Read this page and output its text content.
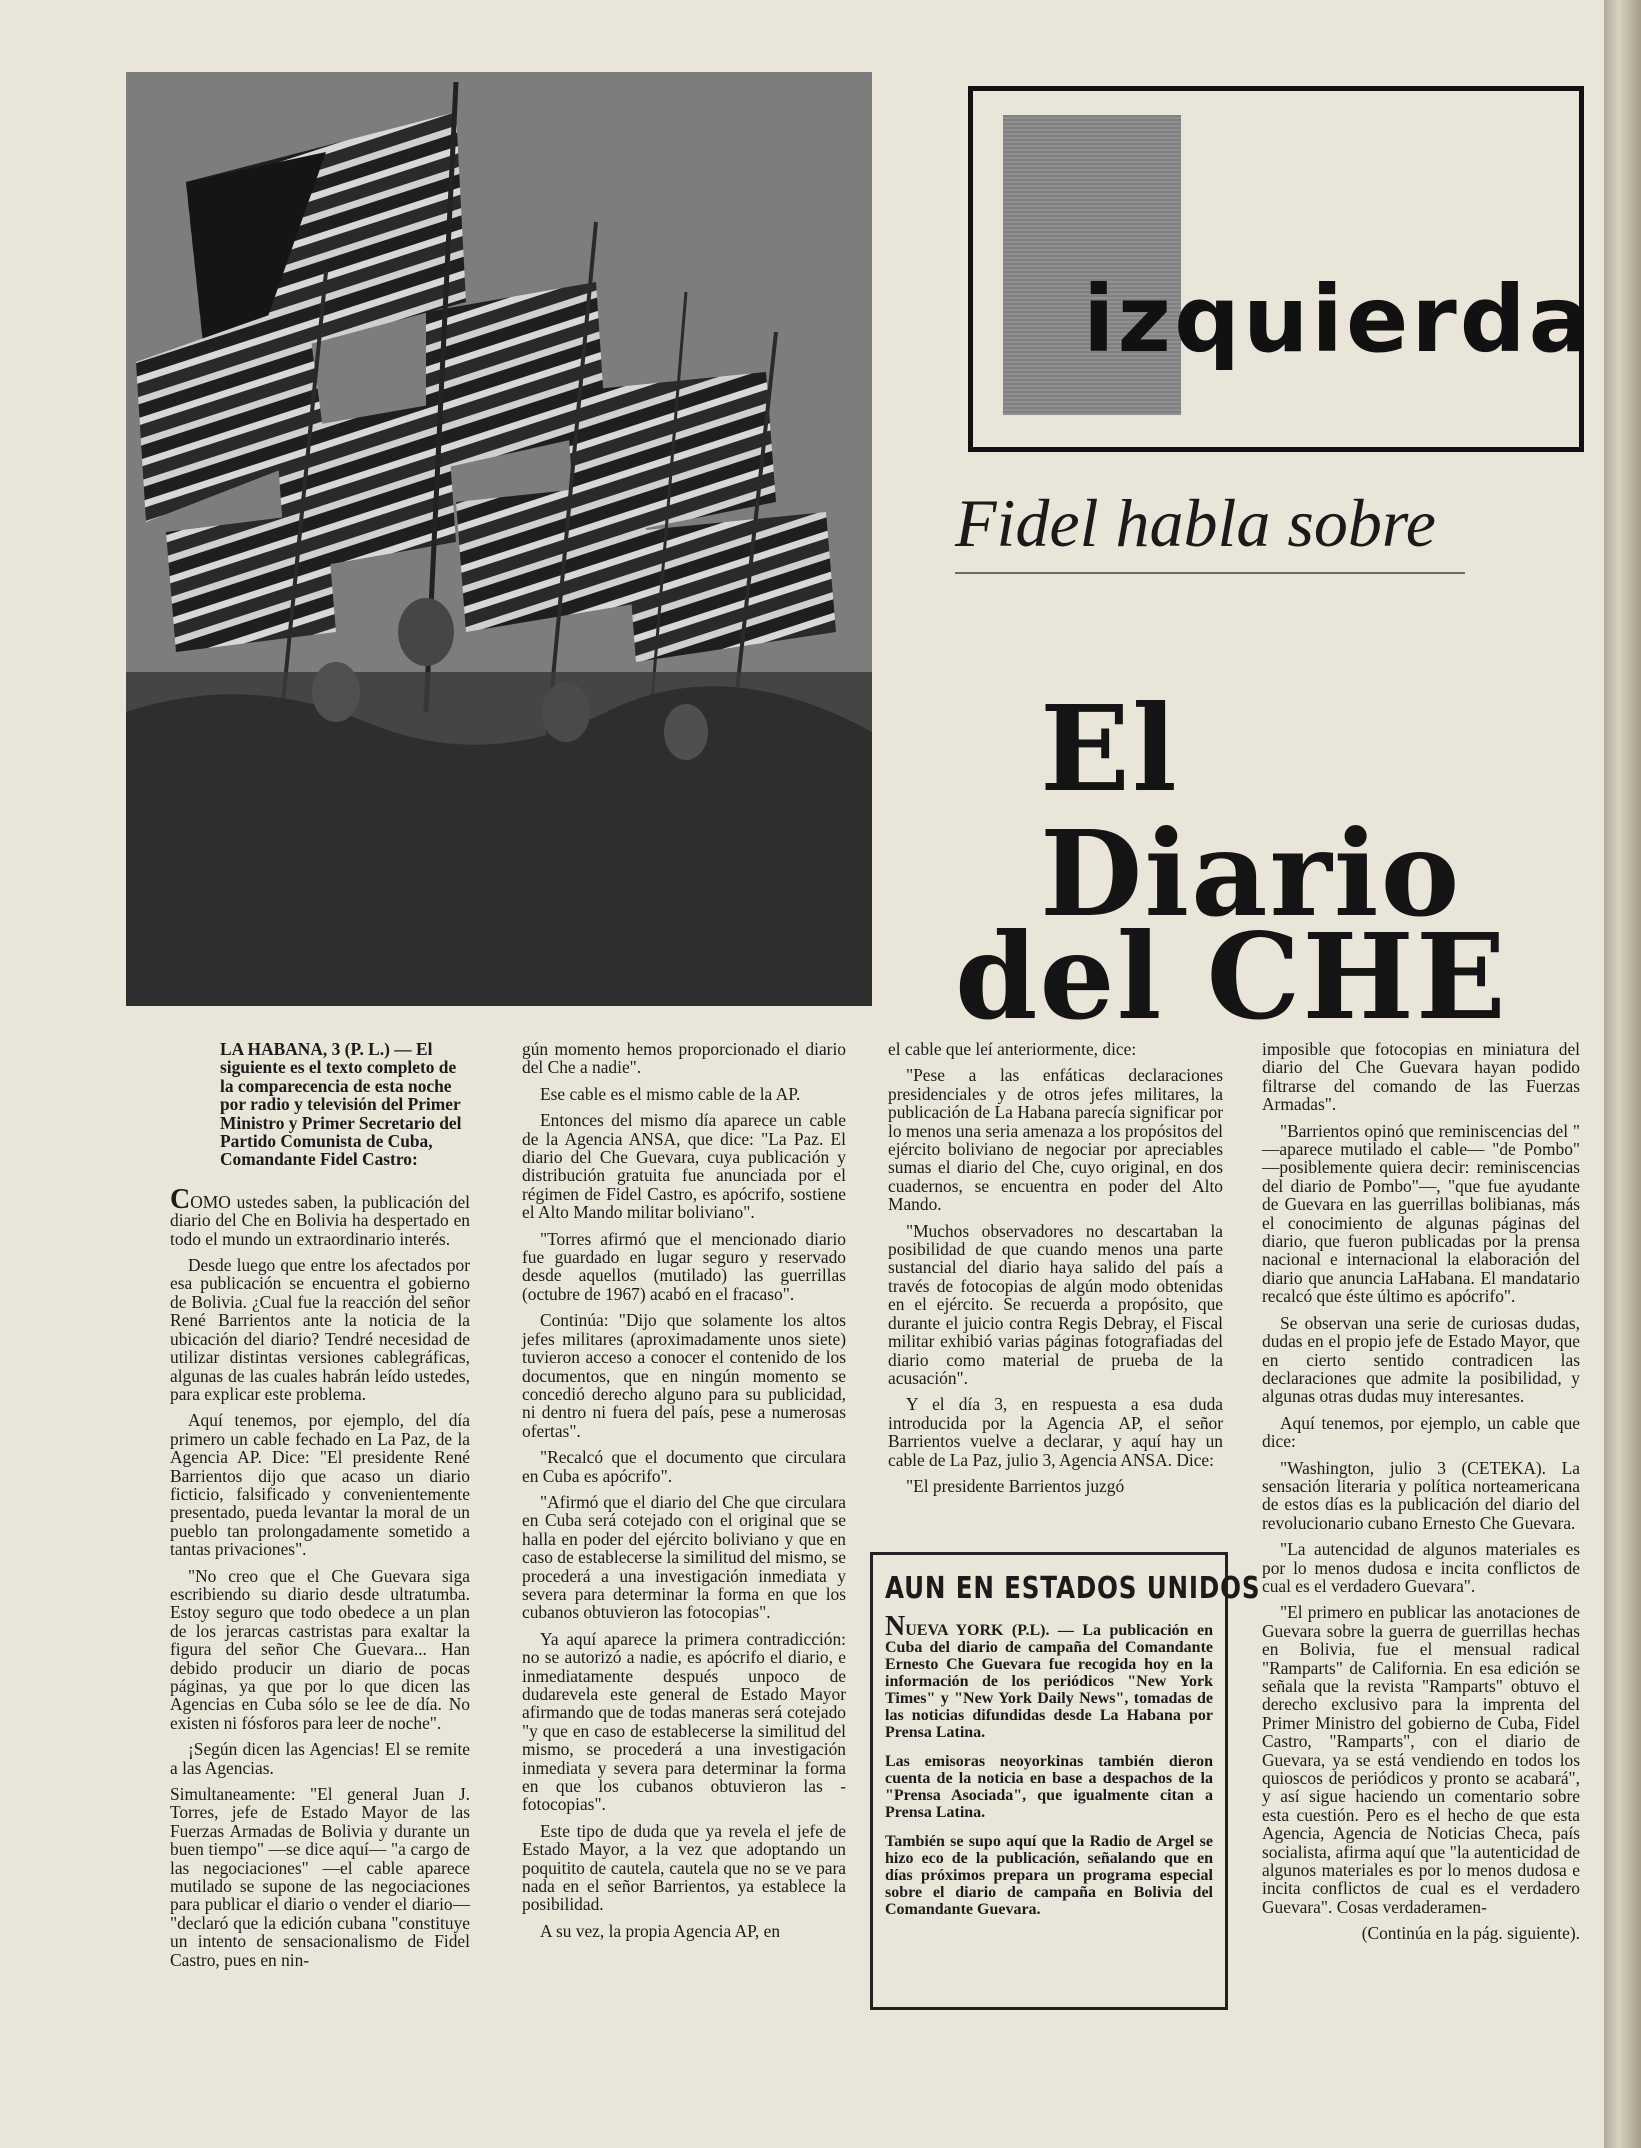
izquierda
Fidel habla sobre
El
Diario
del CHE

LA HABANA, 3 (P. L.) — El siguiente es el texto completo de la comparecencia de esta noche por radio y televisión del Primer Ministro y Primer Secretario del Partido Comunista de Cuba, Comandante Fidel Castro:

COMO ustedes saben, la publicación del diario del Che en Bolivia ha despertado en todo el mundo un extraordinario interés.

Desde luego que entre los afectados por esa publicación se encuentra el gobierno de Bolivia. ¿Cual fue la reacción del señor René Barrientos ante la noticia de la ubicación del diario? Tendré necesidad de utilizar distintas versiones cablegráficas, algunas de las cuales habrán leído ustedes, para explicar este problema.

Aquí tenemos, por ejemplo, del día primero un cable fechado en La Paz, de la Agencia AP. Dice: "El presidente René Barrientos dijo que acaso un diario ficticio, falsificado y convenientemente presentado, pueda levantar la moral de un pueblo tan prolongadamente sometido a tantas privaciones".

"No creo que el Che Guevara siga escribiendo su diario desde ultratumba. Estoy seguro que todo obedece a un plan de los jerarcas castristas para exaltar la figura del señor Che Guevara... Han debido producir un diario de pocas páginas, ya que por lo que dicen las Agencias en Cuba sólo se lee de día. No existen ni fósforos para leer de noche".

¡Según dicen las Agencias! El se remite a las Agencias.

Simultaneamente: "El general Juan J. Torres, jefe de Estado Mayor de las Fuerzas Armadas de Bolivia y durante un buen tiempo" —se dice aquí— "a cargo de las negociaciones" —el cable aparece mutilado se supone de las negociaciones para publicar el diario o vender el diario— "declaró que la edición cubana "constituye un intento de sensacionalismo de Fidel Castro, pues en nin-

gún momento hemos proporcionado el diario del Che a nadie".

Ese cable es el mismo cable de la AP.

Entonces del mismo día aparece un cable de la Agencia ANSA, que dice: "La Paz. El diario del Che Guevara, cuya publicación y distribución gratuita fue anunciada por el régimen de Fidel Castro, es apócrifo, sostiene el Alto Mando militar boliviano".

"Torres afirmó que el mencionado diario fue guardado en lugar seguro y reservado desde aquellos (mutilado) las guerrillas (octubre de 1967) acabó en el fracaso".

Continúa: "Dijo que solamente los altos jefes militares (aproximadamente unos siete) tuvieron acceso a conocer el contenido de los documentos, que en ningún momento se concedió derecho alguno para su publicidad, ni dentro ni fuera del país, pese a numerosas ofertas".

"Recalcó que el documento que circulara en Cuba es apócrifo".

"Afirmó que el diario del Che que circulara en Cuba será cotejado con el original que se halla en poder del ejército boliviano y que en caso de establecerse la similitud del mismo, se procederá a una investigación inmediata y severa para determinar la forma en que los cubanos obtuvieron las fotocopias".

Ya aquí aparece la primera contradicción: no se autorizó a nadie, es apócrifo el diario, e inmediatamente después unpoco de dudarevela este general de Estado Mayor afirmando que de todas maneras será cotejado "y que en caso de establecerse la similitud del mismo, se procederá a una investigación inmediata y severa para determinar la forma en que los cubanos obtuvieron las -fotocopias".

Este tipo de duda que ya revela el jefe de Estado Mayor, a la vez que adoptando un poquitito de cautela, cautela que no se ve para nada en el señor Barrientos, ya establece la posibilidad.

A su vez, la propia Agencia AP, en

el cable que leí anteriormente, dice:

"Pese a las enfáticas declaraciones presidenciales y de otros jefes militares, la publicación de La Habana parecía significar por lo menos una seria amenaza a los propósitos del ejército boliviano de negociar por apreciables sumas el diario del Che, cuyo original, en dos cuadernos, se encuentra en poder del Alto Mando.

"Muchos observadores no descartaban la posibilidad de que cuando menos una parte sustancial del diario haya salido del país a través de fotocopias de algún modo obtenidas en el ejército. Se recuerda a propósito, que durante el juicio contra Regis Debray, el Fiscal militar exhibió varias páginas fotografiadas del diario como material de prueba de la acusación".

Y el día 3, en respuesta a esa duda introducida por la Agencia AP, el señor Barrientos vuelve a declarar, y aquí hay un cable de La Paz, julio 3, Agencia ANSA. Dice:

"El presidente Barrientos juzgó

AUN EN ESTADOS UNIDOS

NUEVA YORK (P.L). — La publicación en Cuba del diario de campaña del Comandante Ernesto Che Guevara fue recogida hoy en la información de los periódicos "New York Times" y "New York Daily News", tomadas de las noticias difundidas desde La Habana por Prensa Latina.

Las emisoras neoyorkinas también dieron cuenta de la noticia en base a despachos de la "Prensa Asociada", que igualmente citan a Prensa Latina.

También se supo aquí que la Radio de Argel se hizo eco de la publicación, señalando que en días próximos prepara un programa especial sobre el diario de campaña en Bolivia del Comandante Guevara.

imposible que fotocopias en miniatura del diario del Che Guevara hayan podido filtrarse del comando de las Fuerzas Armadas".

"Barrientos opinó que reminiscencias del " —aparece mutilado el cable— "de Pombo" —posiblemente quiera decir: reminiscencias del diario de Pombo"—, "que fue ayudante de Guevara en las guerrillas bolibianas, más el conocimiento de algunas páginas del diario, que fueron publicadas por la prensa nacional e internacional la elaboración del diario que anuncia LaHabana. El mandatario recalcó que éste último es apócrifo".

Se observan una serie de curiosas dudas, dudas en el propio jefe de Estado Mayor, que en cierto sentido contradicen las declaraciones que admite la posibilidad, y algunas otras dudas muy interesantes.

Aquí tenemos, por ejemplo, un cable que dice:

"Washington, julio 3 (CETEKA). La sensación literaria y política norteamericana de estos días es la publicación del diario del revolucionario cubano Ernesto Che Guevara.

"La autencidad de algunos materiales es por lo menos dudosa e incita conflictos de cual es el verdadero Guevara".

"El primero en publicar las anotaciones de Guevara sobre la guerra de guerrillas hechas en Bolivia, fue el mensual radical "Ramparts" de California. En esa edición se señala que la revista "Ramparts" obtuvo el derecho exclusivo para la imprenta del Primer Ministro del gobierno de Cuba, Fidel Castro, "Ramparts", con el diario de Guevara, ya se está vendiendo en todos los quioscos de periódicos y pronto se acabará", y así sigue haciendo un comentario sobre esta cuestión. Pero es el hecho de que esta Agencia, Agencia de Noticias Checa, país socialista, afirma aquí que "la autenticidad de algunos materiales es por lo menos dudosa e incita conflictos de cual es el verdadero Guevara". Cosas verdaderamen-

(Continúa en la pág. siguiente).
